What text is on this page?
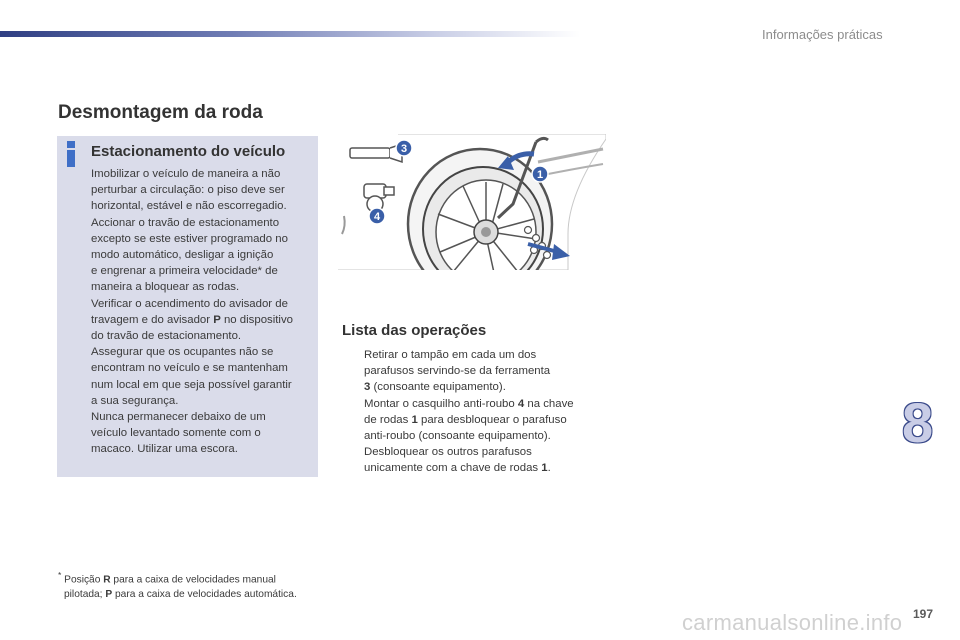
Informações práticas
Desmontagem da roda
Estacionamento do veículo
Imobilizar o veículo de maneira a não
perturbar a circulação: o piso deve ser
horizontal, estável e não escorregadio.
Accionar o travão de estacionamento
excepto se este estiver programado no
modo automático, desligar a ignição
e engrenar a primeira velocidade* de
maneira a bloquear as rodas.
Verificar o acendimento do avisador de
travagem e do avisador P no dispositivo
do travão de estacionamento.
Assegurar que os ocupantes não se
encontram no veículo e se mantenham
num local em que seja possível garantir
a sua segurança.
Nunca permanecer debaixo de um
veículo levantado somente com o
macaco. Utilizar uma escora.
3
1
4
Lista das operações
Retirar o tampão em cada um dos
parafusos servindo-se da ferramenta
3 (consoante equipamento).
Montar o casquilho anti-roubo 4 na chave
de rodas 1 para desbloquear o parafuso
anti-roubo (consoante equipamento).
Desbloquear os outros parafusos
unicamente com a chave de rodas 1.
* Posição R para a caixa de velocidades manual
pilotada; P para a caixa de velocidades automática.
8
carmanualsonline.info 197
